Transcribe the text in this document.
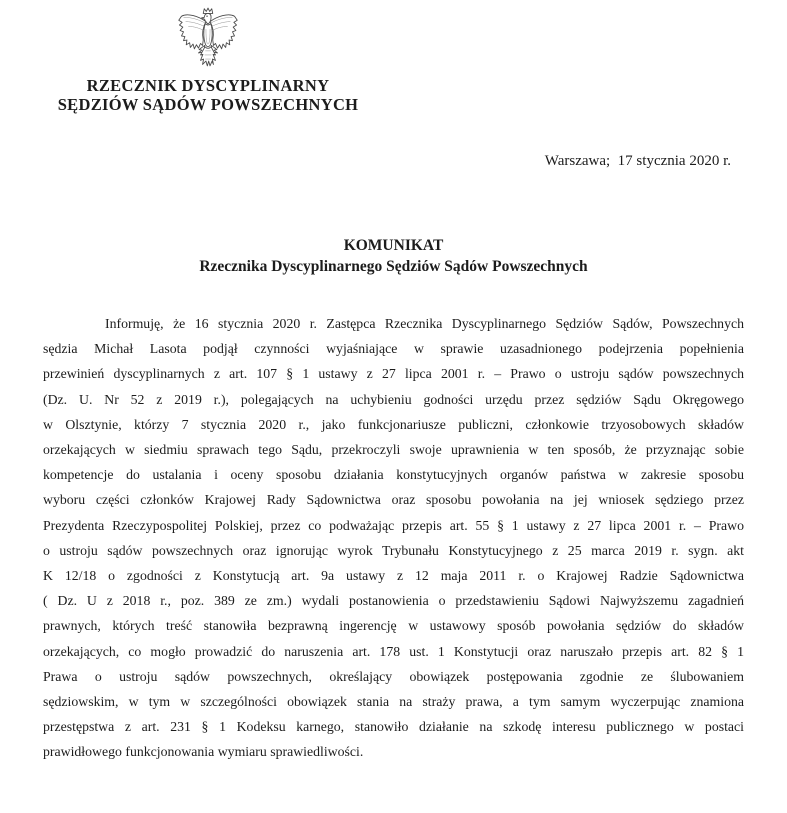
RZECZNIK DYSCYPLINARNY
SĘDZIÓW SĄDÓW POWSZECHNYCH
Warszawa;  17 stycznia 2020 r.
KOMUNIKAT
Rzecznika Dyscyplinarnego Sędziów Sądów Powszechnych
Informuję, że 16 stycznia 2020 r. Zastępca Rzecznika Dyscyplinarnego Sędziów Sądów, Powszechnych
sędzia Michał Lasota podjął czynności wyjaśniające w sprawie uzasadnionego podejrzenia popełnienia
przewinień dyscyplinarnych z art. 107 § 1 ustawy z 27 lipca 2001 r. – Prawo o ustroju sądów powszechnych
(Dz. U. Nr 52 z 2019 r.), polegających na uchybieniu godności urzędu przez sędziów Sądu Okręgowego
w Olsztynie, którzy 7 stycznia 2020 r., jako funkcjonariusze publiczni, członkowie trzyosobowych składów
orzekających w siedmiu sprawach tego Sądu, przekroczyli swoje uprawnienia w ten sposób, że przyznając sobie
kompetencje do ustalania i oceny sposobu działania konstytucyjnych organów państwa w zakresie sposobu
wyboru części członków Krajowej Rady Sądownictwa oraz sposobu powołania na jej wniosek sędziego przez
Prezydenta Rzeczypospolitej Polskiej, przez co podważając przepis art. 55 § 1 ustawy z 27 lipca 2001 r. – Prawo
o ustroju sądów powszechnych oraz ignorując wyrok Trybunału Konstytucyjnego z 25 marca 2019 r. sygn. akt
K 12/18 o zgodności z Konstytucją art. 9a ustawy z 12 maja 2011 r. o Krajowej Radzie Sądownictwa
( Dz. U z 2018 r., poz. 389 ze zm.) wydali postanowienia o przedstawieniu Sądowi Najwyższemu zagadnień
prawnych, których treść stanowiła bezprawną ingerencję w ustawowy sposób powołania sędziów do składów
orzekających, co mogło prowadzić do naruszenia art. 178 ust. 1 Konstytucji oraz naruszało przepis art. 82 § 1
Prawa o ustroju sądów powszechnych, określający obowiązek postępowania zgodnie ze ślubowaniem
sędziowskim, w tym w szczególności obowiązek stania na straży prawa, a tym samym wyczerpując znamiona
przestępstwa z art. 231 § 1 Kodeksu karnego, stanowiło działanie na szkodę interesu publicznego w postaci
prawidłowego funkcjonowania wymiaru sprawiedliwości.
